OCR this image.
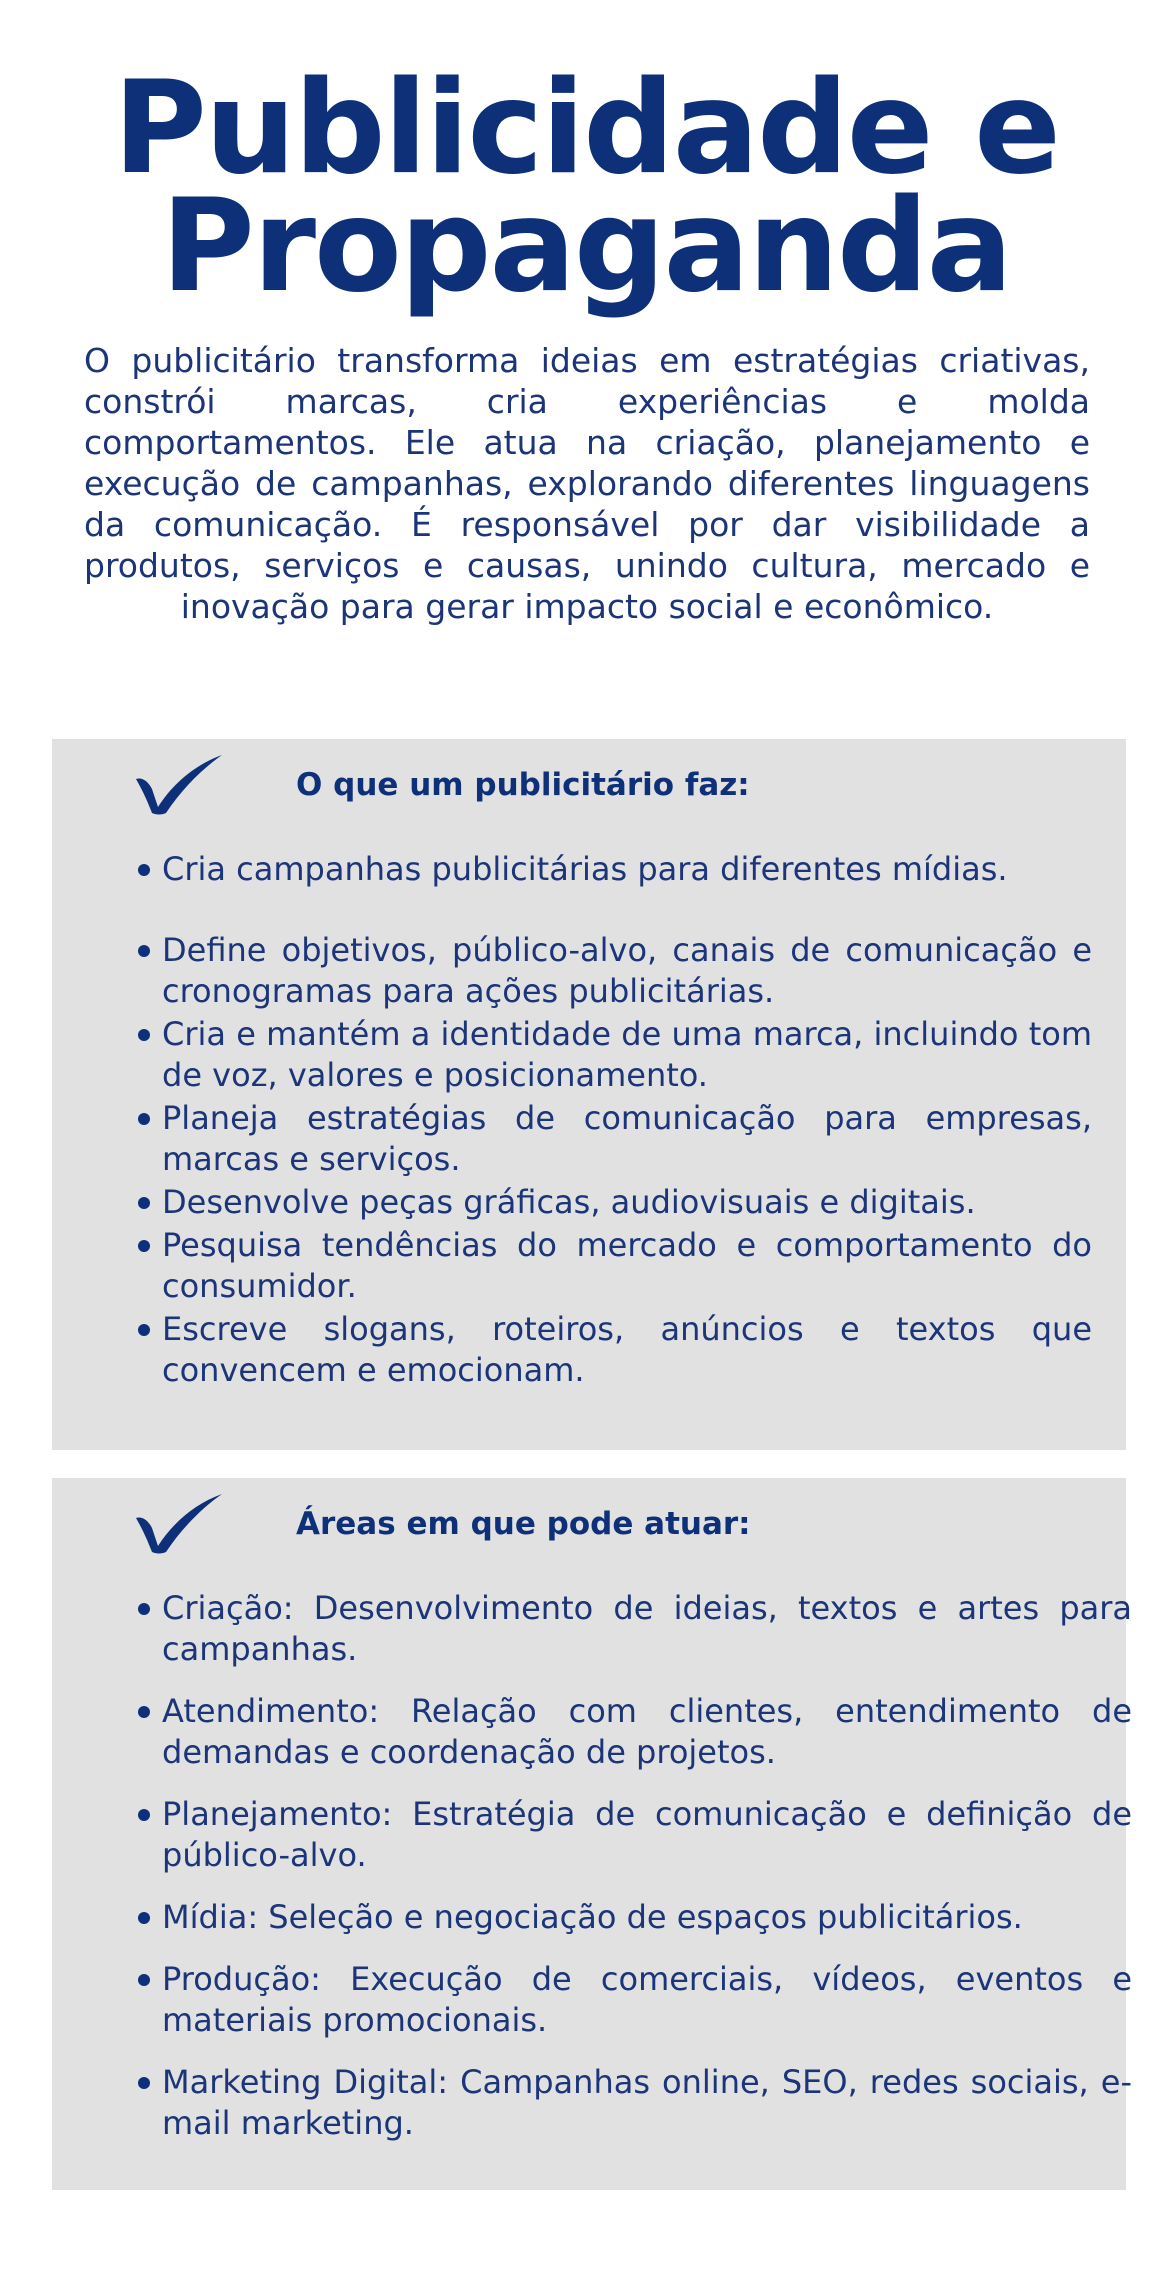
Publicidade e
Propaganda

O publicitário transforma ideias em estratégias criativas, constrói marcas, cria experiências e molda comportamentos. Ele atua na criação, planejamento e execução de campanhas, explorando diferentes linguagens da comunicação. É responsável por dar visibilidade a produtos, serviços e causas, unindo cultura, mercado e inovação para gerar impacto social e econômico.

O que um publicitário faz:
Cria campanhas publicitárias para diferentes mídias.
Define objetivos, público-alvo, canais de comunicação e cronogramas para ações publicitárias.
Cria e mantém a identidade de uma marca, incluindo tom de voz, valores e posicionamento.
Planeja estratégias de comunicação para empresas, marcas e serviços.
Desenvolve peças gráficas, audiovisuais e digitais.
Pesquisa tendências do mercado e comportamento do consumidor.
Escreve slogans, roteiros, anúncios e textos que convencem e emocionam.
Áreas em que pode atuar:
Criação: Desenvolvimento de ideias, textos e artes para campanhas.
Atendimento: Relação com clientes, entendimento de demandas e coordenação de projetos.
Planejamento: Estratégia de comunicação e definição de público-alvo.
Mídia: Seleção e negociação de espaços publicitários.
Produção: Execução de comerciais, vídeos, eventos e materiais promocionais.
Marketing Digital: Campanhas online, SEO, redes sociais, e-mail marketing.
